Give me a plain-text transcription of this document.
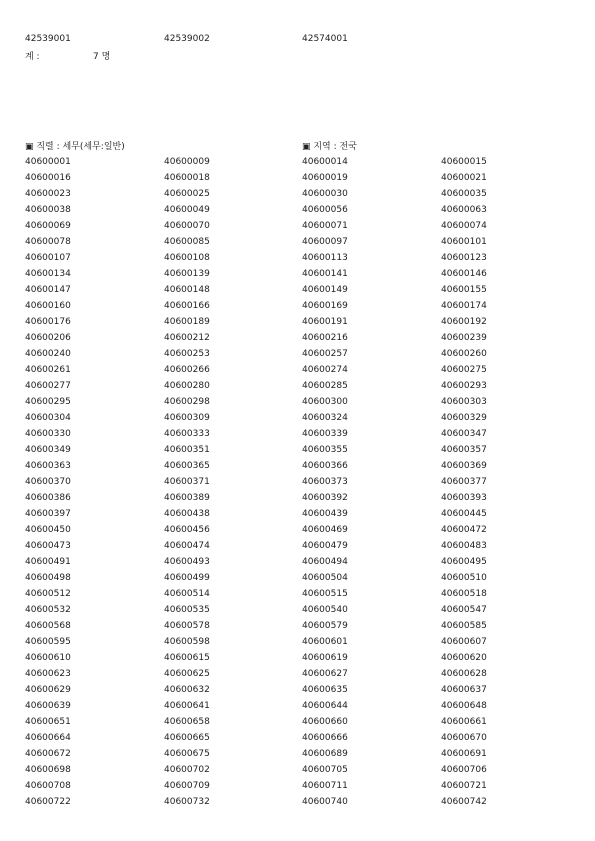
42539001	42539002	42574001
계 :	7 명
▣ 직렬 : 세무(세무:일반)	▣ 지역 : 전국
40600001	40600009	40600014	40600015
40600016	40600018	40600019	40600021
40600023	40600025	40600030	40600035
40600038	40600049	40600056	40600063
40600069	40600070	40600071	40600074
40600078	40600085	40600097	40600101
40600107	40600108	40600113	40600123
40600134	40600139	40600141	40600146
40600147	40600148	40600149	40600155
40600160	40600166	40600169	40600174
40600176	40600189	40600191	40600192
40600206	40600212	40600216	40600239
40600240	40600253	40600257	40600260
40600261	40600266	40600274	40600275
40600277	40600280	40600285	40600293
40600295	40600298	40600300	40600303
40600304	40600309	40600324	40600329
40600330	40600333	40600339	40600347
40600349	40600351	40600355	40600357
40600363	40600365	40600366	40600369
40600370	40600371	40600373	40600377
40600386	40600389	40600392	40600393
40600397	40600438	40600439	40600445
40600450	40600456	40600469	40600472
40600473	40600474	40600479	40600483
40600491	40600493	40600494	40600495
40600498	40600499	40600504	40600510
40600512	40600514	40600515	40600518
40600532	40600535	40600540	40600547
40600568	40600578	40600579	40600585
40600595	40600598	40600601	40600607
40600610	40600615	40600619	40600620
40600623	40600625	40600627	40600628
40600629	40600632	40600635	40600637
40600639	40600641	40600644	40600648
40600651	40600658	40600660	40600661
40600664	40600665	40600666	40600670
40600672	40600675	40600689	40600691
40600698	40600702	40600705	40600706
40600708	40600709	40600711	40600721
40600722	40600732	40600740	40600742
